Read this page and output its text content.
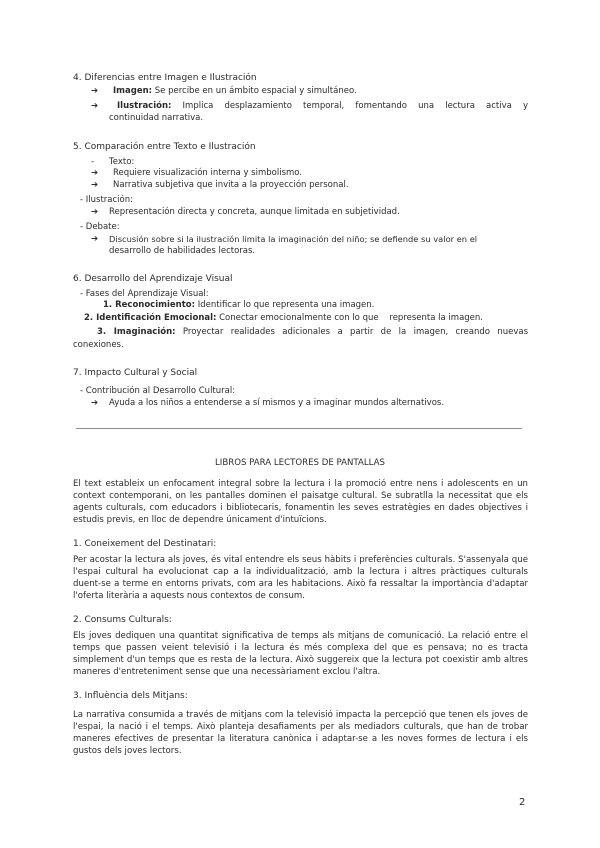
4. Diferencias entre Imagen e Ilustración
➔ Imagen: Se percibe en un ámbito espacial y simultáneo.
➔ Ilustración: Implica desplazamiento temporal, fomentando una lectura activa y
continuidad narrativa.
5. Comparación entre Texto e Ilustración
- Texto:
➔ Requiere visualización interna y simbolismo.
➔ Narrativa subjetiva que invita a la proyección personal.
- Ilustración:
➔ Representación directa y concreta, aunque limitada en subjetividad.
- Debate:
➔ Discusión sobre si la ilustración limita la imaginación del niño; se defiende su valor en el
desarrollo de habilidades lectoras.
6. Desarrollo del Aprendizaje Visual
- Fases del Aprendizaje Visual:
1. Reconocimiento: Identificar lo que representa una imagen.
2. Identificación Emocional: Conectar emocionalmente con lo que    representa la imagen.
3. Imaginación: Proyectar realidades adicionales a partir de la imagen, creando nuevas
conexiones.
7. Impacto Cultural y Social
- Contribución al Desarrollo Cultural:
➔ Ayuda a los niños a entenderse a sí mismos y a imaginar mundos alternativos.
LIBROS PARA LECTORES DE PANTALLAS
El text estableix un enfocament integral sobre la lectura i la promoció entre nens i adolescents en un context contemporani, on les pantalles dominen el paisatge cultural. Se subratlla la necessitat que els agents culturals, com educadors i bibliotecaris, fonamentin les seves estratègies en dades objectives i estudis previs, en lloc de dependre únicament d'intuïcions.
1. Coneixement del Destinatari:
Per acostar la lectura als joves, és vital entendre els seus hàbits i preferències culturals. S'assenyala que l'espai cultural ha evolucionat cap a la individualització, amb la lectura i altres pràctiques culturals duent-se a terme en entorns privats, com ara les habitacions. Això fa ressaltar la importància d'adaptar l'oferta literària a aquests nous contextos de consum.
2. Consums Culturals:
Els joves dediquen una quantitat significativa de temps als mitjans de comunicació. La relació entre el temps que passen veient televisió i la lectura és més complexa del que es pensava; no es tracta simplement d'un temps que es resta de la lectura. Això suggereix que la lectura pot coexistir amb altres maneres d'entreteniment sense que una necessàriament exclou l'altra.
3. Influència dels Mitjans:
La narrativa consumida a través de mitjans com la televisió impacta la percepció que tenen els joves de l'espai, la nació i el temps. Això planteja desafiaments per als mediadors culturals, que han de trobar maneres efectives de presentar la literatura canònica i adaptar-se a les noves formes de lectura i els gustos dels joves lectors.
2
